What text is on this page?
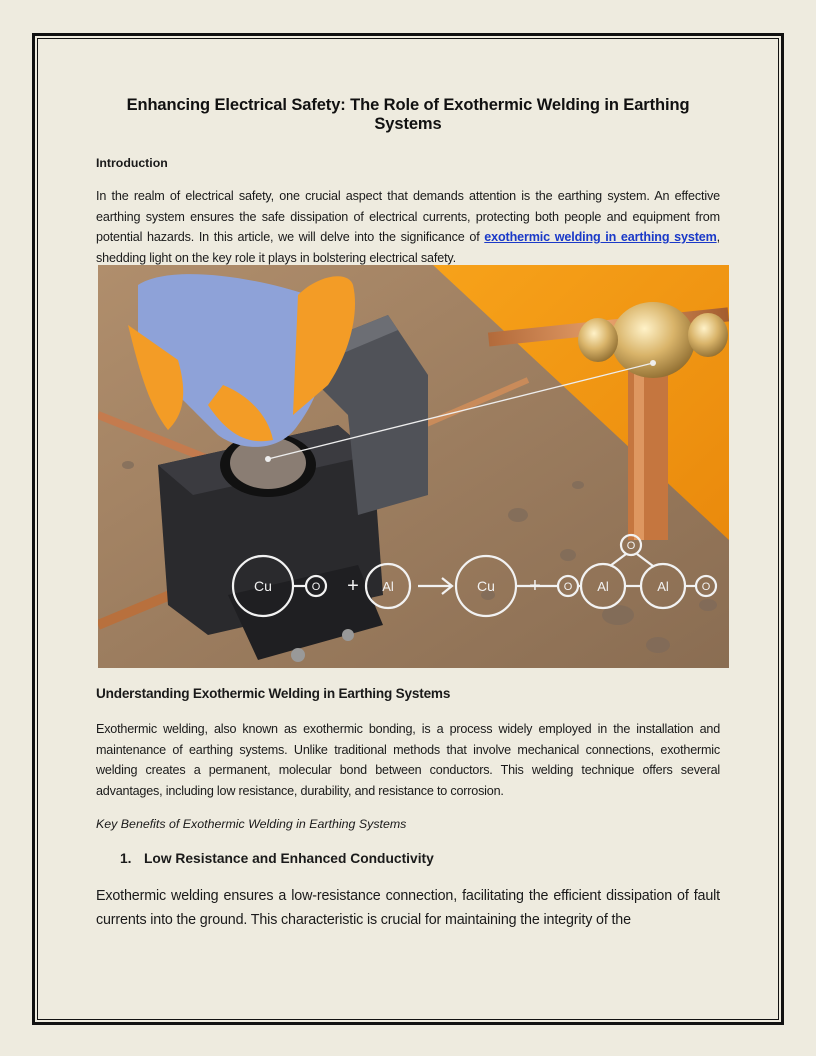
Enhancing Electrical Safety: The Role of Exothermic Welding in Earthing Systems
Introduction

In the realm of electrical safety, one crucial aspect that demands attention is the earthing system. An effective earthing system ensures the safe dissipation of electrical currents, protecting both people and equipment from potential hazards. In this article, we will delve into the significance of exothermic welding in earthing system, shedding light on the key role it plays in bolstering electrical safety.

Cu	O + Al	Cu + O Al
O
Al	O
Understanding Exothermic Welding in Earthing Systems

Exothermic welding, also known as exothermic bonding, is a process widely employed in the installation and maintenance of earthing systems. Unlike traditional methods that involve mechanical connections, exothermic welding creates a permanent, molecular bond between conductors. This welding technique offers several advantages, including low resistance, durability, and resistance to corrosion.

Key Benefits of Exothermic Welding in Earthing Systems
1. Low Resistance and Enhanced Conductivity

Exothermic welding ensures a low-resistance connection, facilitating the efficient dissipation of fault currents into the ground. This characteristic is crucial for maintaining the integrity of the
